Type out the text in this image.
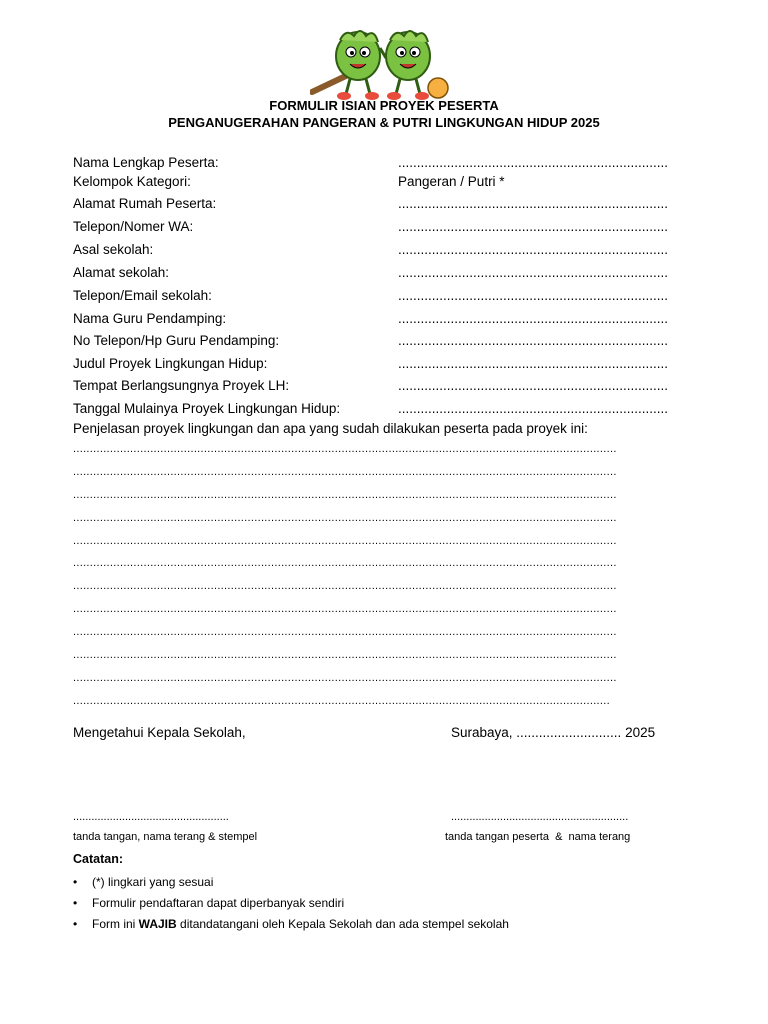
FORMULIR ISIAN PROYEK PESERTA
PENGANUGERAHAN PANGERAN & PUTRI LINGKUNGAN HIDUP 2025
Nama Lengkap Peserta:	........................................................................
Kelompok Kategori:	Pangeran / Putri *
Alamat Rumah Peserta:	........................................................................
Telepon/Nomer WA:	........................................................................
Asal sekolah:	........................................................................
Alamat sekolah:	........................................................................
Telepon/Email sekolah:	........................................................................
Nama Guru Pendamping:	........................................................................
No Telepon/Hp Guru Pendamping:	........................................................................
Judul Proyek Lingkungan Hidup:	........................................................................
Tempat Berlangsungnya Proyek LH:	........................................................................
Tanggal Mulainya Proyek Lingkungan Hidup:	........................................................................
Penjelasan proyek lingkungan dan apa yang sudah dilakukan peserta pada proyek ini:
..................................................................................................................................................................
..................................................................................................................................................................
..................................................................................................................................................................
..................................................................................................................................................................
..................................................................................................................................................................
..................................................................................................................................................................
..................................................................................................................................................................
..................................................................................................................................................................
..................................................................................................................................................................
..................................................................................................................................................................
..................................................................................................................................................................
................................................................................................................................................................
Mengetahui Kepala Sekolah,	Surabaya, ............................ 2025
...................................................	..........................................................
tanda tangan, nama terang & stempel	tanda tangan peserta  &  nama terang
Catatan:
• (*) lingkari yang sesuai
• Formulir pendaftaran dapat diperbanyak sendiri
• Form ini WAJIB ditandatangani oleh Kepala Sekolah dan ada stempel sekolah
